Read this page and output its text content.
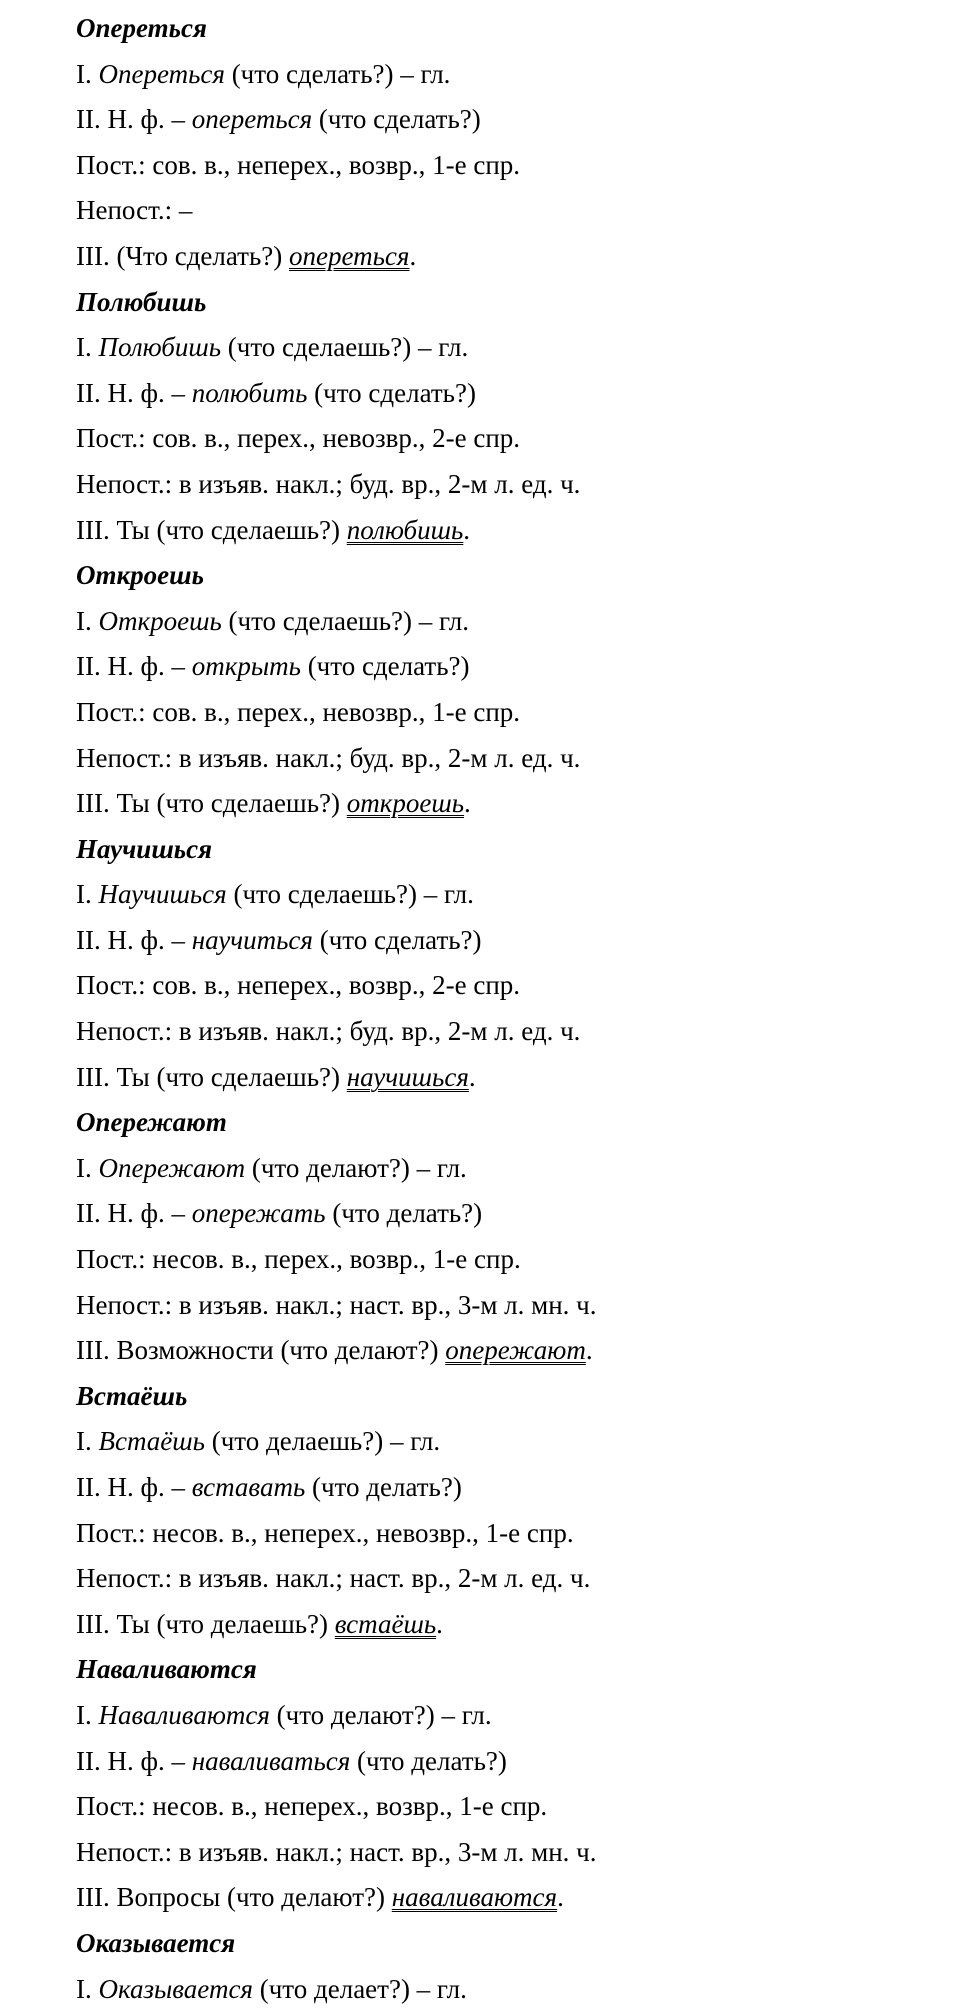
Опереться
I. Опереться (что сделать?) – гл.
II. Н. ф. – опереться (что сделать?)
Пост.: сов. в., неперех., возвр., 1-е спр.
Непост.: –
III. (Что сделать?) опереться.
Полюбишь
I. Полюбишь (что сделаешь?) – гл.
II. Н. ф. – полюбить (что сделать?)
Пост.: сов. в., перех., невозвр., 2-е спр.
Непост.: в изъяв. накл.; буд. вр., 2-м л. ед. ч.
III. Ты (что сделаешь?) полюбишь.
Откроешь
I. Откроешь (что сделаешь?) – гл.
II. Н. ф. – открыть (что сделать?)
Пост.: сов. в., перех., невозвр., 1-е спр.
Непост.: в изъяв. накл.; буд. вр., 2-м л. ед. ч.
III. Ты (что сделаешь?) откроешь.
Научишься
I. Научишься (что сделаешь?) – гл.
II. Н. ф. – научиться (что сделать?)
Пост.: сов. в., неперех., возвр., 2-е спр.
Непост.: в изъяв. накл.; буд. вр., 2-м л. ед. ч.
III. Ты (что сделаешь?) научишься.
Опережают
I. Опережают (что делают?) – гл.
II. Н. ф. – опережать (что делать?)
Пост.: несов. в., перех., возвр., 1-е спр.
Непост.: в изъяв. накл.; наст. вр., 3-м л. мн. ч.
III. Возможности (что делают?) опережают.
Встаёшь
I. Встаёшь (что делаешь?) – гл.
II. Н. ф. – вставать (что делать?)
Пост.: несов. в., неперех., невозвр., 1-е спр.
Непост.: в изъяв. накл.; наст. вр., 2-м л. ед. ч.
III. Ты (что делаешь?) встаёшь.
Наваливаются
I. Наваливаются (что делают?) – гл.
II. Н. ф. – наваливаться (что делать?)
Пост.: несов. в., неперех., возвр., 1-е спр.
Непост.: в изъяв. накл.; наст. вр., 3-м л. мн. ч.
III. Вопросы (что делают?) наваливаются.
Оказывается
I. Оказывается (что делает?) – гл.
